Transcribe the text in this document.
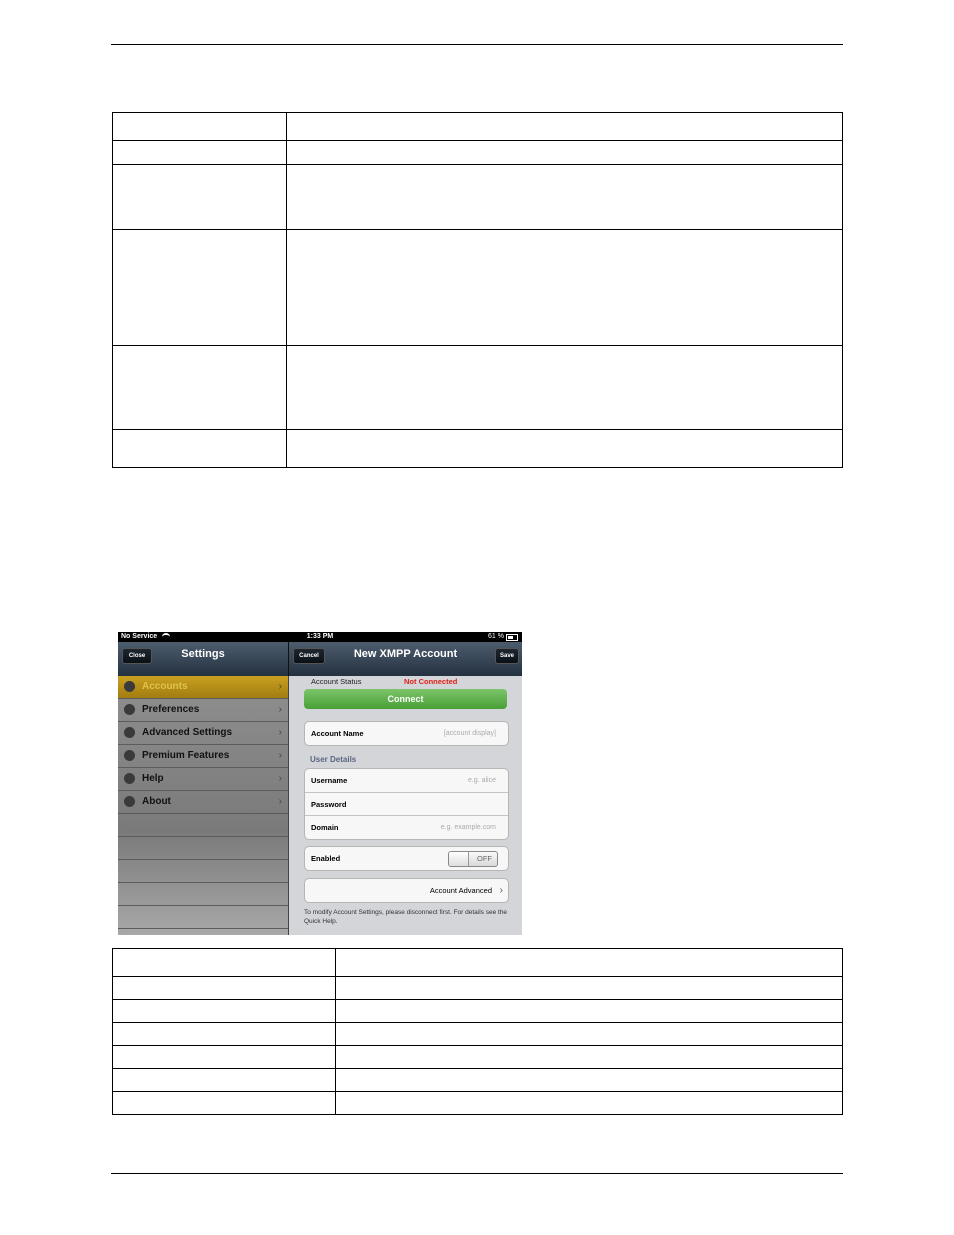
No Service	1:33 PM	61 %
Close	Settings	Cancel	New XMPP Account	Save
Accounts	›
Preferences	›
Advanced Settings	›
Premium Features	›
Help	›
About	›
Account Status	Not Connected
Connect
Account Name	[account display]
User Details
Username	e.g. alice
Password
Domain	e.g. example.com
Enabled	OFF
Account Advanced ›
To modify Account Settings, please disconnect first. For details see the Quick Help.
